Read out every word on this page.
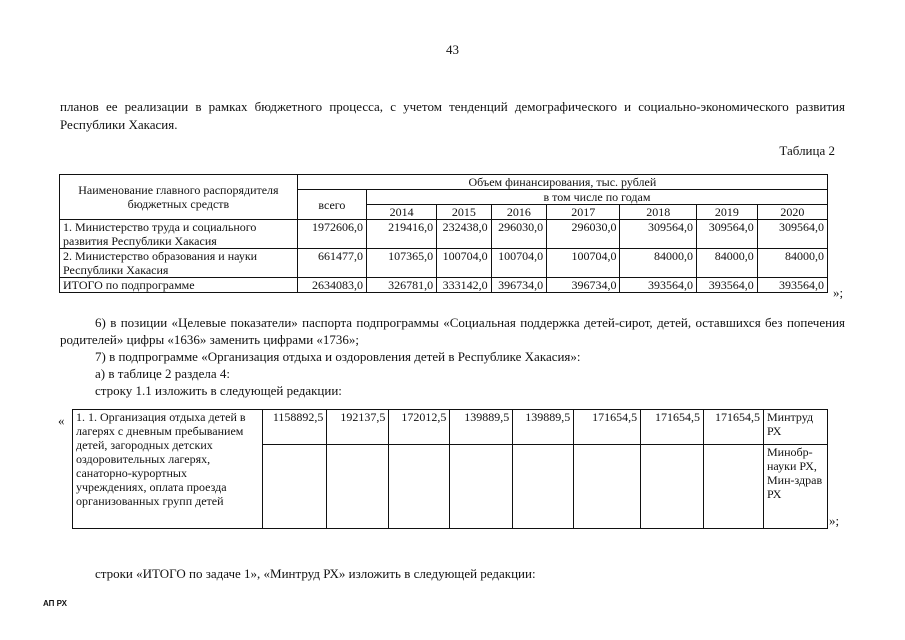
43
планов ее реализации в рамках бюджетного процесса, с учетом тенденций демографического и социально-экономического развития Республики Хакасия.
Таблица 2
Наименование главного распорядителя бюджетных средств	Объем финансирования, тыс. рублей							
	всего	в том числе по годам						
		2014	2015	2016	2017	2018	2019	2020
1. Министерство труда и социального развития Республики Хакасия	1972606,0	219416,0	232438,0	296030,0	296030,0	309564,0	309564,0	309564,0
2. Министерство образования и науки Республики Хакасия	661477,0	107365,0	100704,0	100704,0	100704,0	84000,0	84000,0	84000,0
ИТОГО по подпрограмме	2634083,0	326781,0	333142,0	396734,0	396734,0	393564,0	393564,0	393564,0 »;
6) в позиции «Целевые показатели» паспорта подпрограммы «Социальная поддержка детей-сирот, детей, оставшихся без попечения родителей» цифры «1636» заменить цифрами «1736»;
7) в подпрограмме «Организация отдыха и оздоровления детей в Республике Хакасия»:
а) в таблице 2 раздела 4:
строку 1.1 изложить в следующей редакции:
« 1. 1. Организация отдыха детей в лагерях с дневным пребыванием детей, загородных детских оздоровительных лагерях, санаторно-курортных учреждениях, оплата проезда организованных групп детей	1158892,5	192137,5	172012,5	139889,5	139889,5	171654,5	171654,5	171654,5	Минтруд РХ
									Минобр-науки РХ, Мин-здрав РХ
»;
строки «ИТОГО по задаче 1», «Минтруд РХ» изложить в следующей редакции:
АП РХ
